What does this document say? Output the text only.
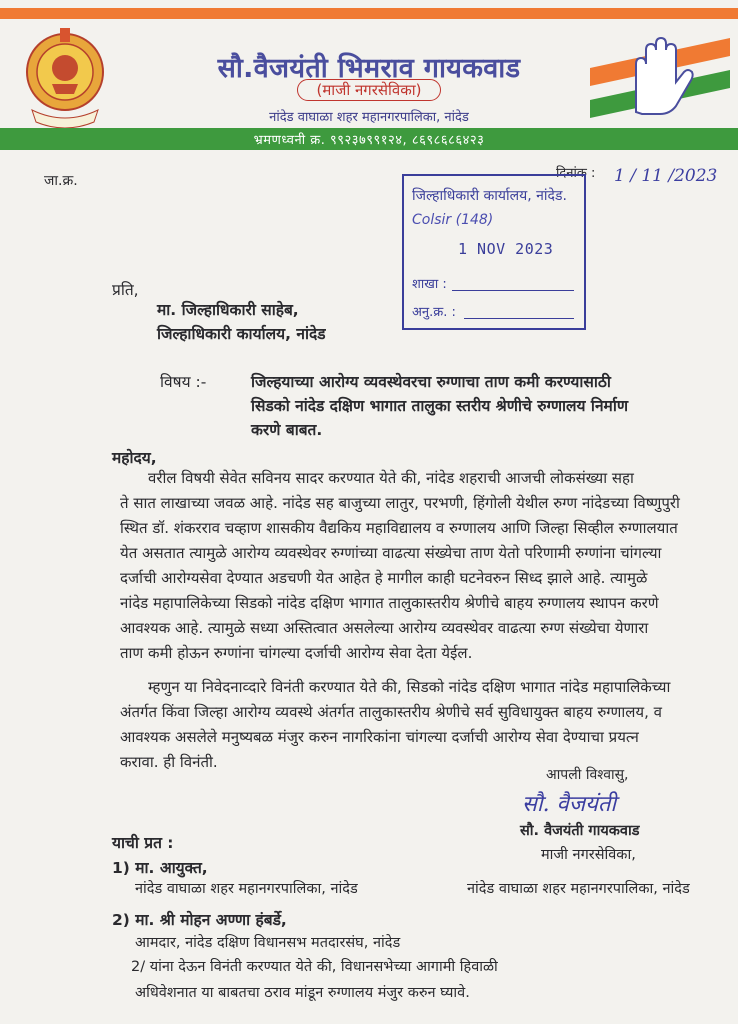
सौ.वैजयंती भिमराव गायकवाड
(माजी नगरसेविका)
नांदेड वाघाळा शहर महानगरपालिका, नांदेड
भ्रमणध्वनी क्र. ९९२३७९९१२४, ८६९८६८६४२३
जा.क्र.	दिनांक : 1 / 11 /2023
जिल्हाधिकारी कार्यालय, नांदेड.
Colsir (148)
1 NOV 2023
शाखा :
अनु.क्र. :
प्रति,
मा. जिल्हाधिकारी साहेब,
जिल्हाधिकारी कार्यालय, नांदेड
विषय :-	जिल्हयाच्या आरोग्य व्यवस्थेवरचा रुग्णाचा ताण कमी करण्यासाठी
सिडको नांदेड दक्षिण भागात तालुका स्तरीय श्रेणीचे रुग्णालय निर्माण
करणे बाबत.
महोदय,
वरील विषयी सेवेत सविनय सादर करण्यात येते की, नांदेड शहराची आजची लोकसंख्या सहा
ते सात लाखाच्या जवळ आहे. नांदेड सह बाजुच्या लातुर, परभणी, हिंगोली येथील रुग्ण नांदेडच्या विष्णुपुरी
स्थित डॉ. शंकरराव चव्हाण शासकीय वैद्यकिय महाविद्यालय व रुग्णालय आणि जिल्हा सिव्हील रुग्णालयात
येत असतात त्यामुळे आरोग्य व्यवस्थेवर रुग्णांच्या वाढत्या संख्येचा ताण येतो परिणामी रुग्णांना चांगल्या
दर्जाची आरोग्यसेवा देण्यात अडचणी येत आहेत हे मागील काही घटनेवरुन सिध्द झाले आहे. त्यामुळे
नांदेड महापालिकेच्या सिडको नांदेड दक्षिण भागात तालुकास्तरीय श्रेणीचे बाहय रुग्णालय स्थापन करणे
आवश्यक आहे. त्यामुळे सध्या अस्तित्वात असलेल्या आरोग्य व्यवस्थेवर वाढत्या रुग्ण संख्येचा येणारा
ताण कमी होऊन रुग्णांना चांगल्या दर्जाची आरोग्य सेवा देता येईल.
म्हणुन या निवेदनाव्दारे विनंती करण्यात येते की, सिडको नांदेड दक्षिण भागात नांदेड महापालिकेच्या
अंतर्गत किंवा जिल्हा आरोग्य व्यवस्थे अंतर्गत तालुकास्तरीय श्रेणीचे सर्व सुविधायुक्त बाहय रुग्णालय, व
आवश्यक असलेले मनुष्यबळ मंजुर करुन नागरिकांना चांगल्या दर्जाची आरोग्य सेवा देण्याचा प्रयत्न
करावा. ही विनंती.
आपली विश्वासु,
सौ. वैजयंती
सौ. वैजयंती गायकवाड
माजी नगरसेविका,
याची प्रत :
1) मा. आयुक्त,
नांदेड वाघाळा शहर महानगरपालिका, नांदेड	नांदेड वाघाळा शहर महानगरपालिका, नांदेड
2) मा. श्री मोहन अण्णा हंबर्डे,
आमदार, नांदेड दक्षिण विधानसभ मतदारसंघ, नांदेड
2/ यांना देऊन विनंती करण्यात येते की, विधानसभेच्या आगामी हिवाळी
अधिवेशनात या बाबतचा ठराव मांडून रुग्णालय मंजुर करुन घ्यावे.
